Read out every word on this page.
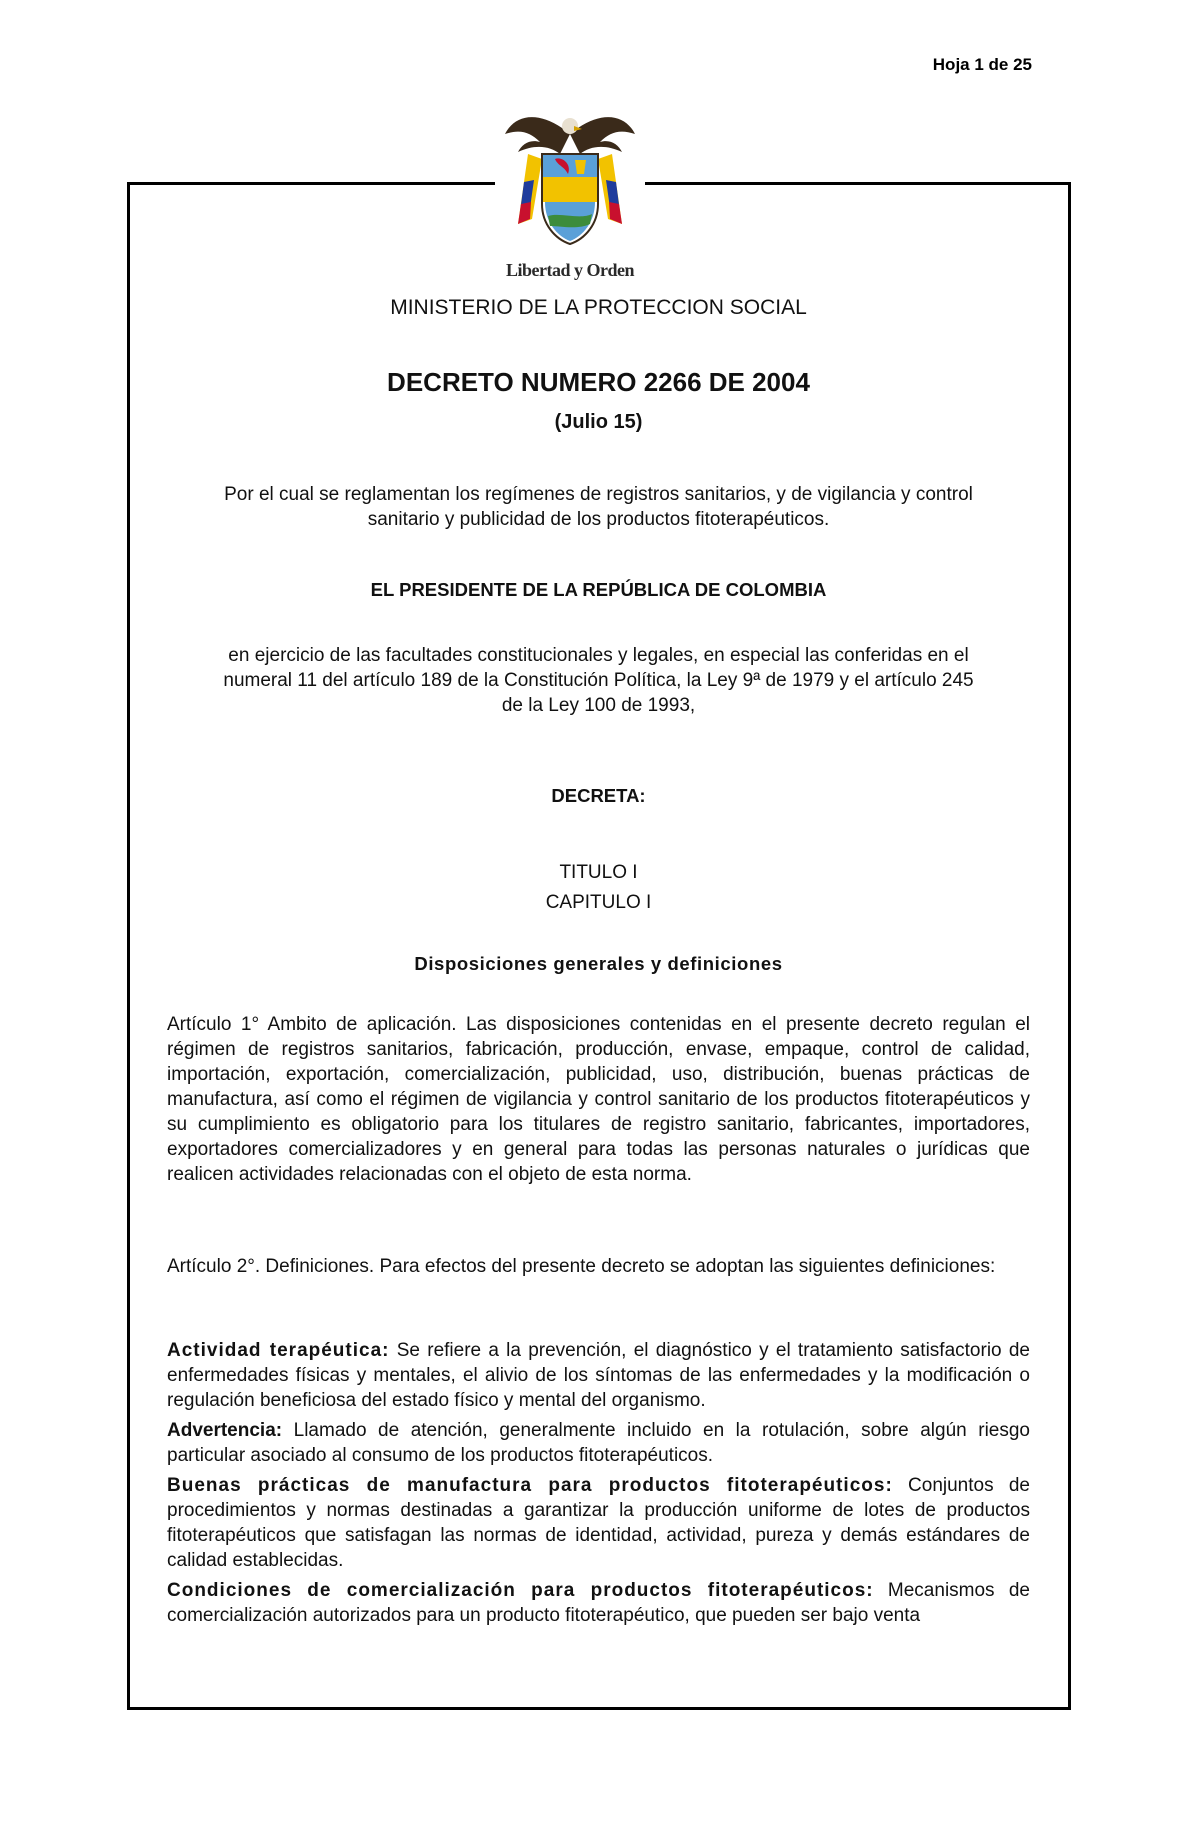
Hoja 1 de 25
Libertad y Orden

MINISTERIO DE LA PROTECCION SOCIAL

DECRETO NUMERO 2266 DE 2004

(Julio 15)

Por el cual se reglamentan los regímenes de registros sanitarios, y de vigilancia y control

sanitario y publicidad de los productos fitoterapéuticos.

EL PRESIDENTE DE LA REPÚBLICA DE COLOMBIA

en ejercicio de las facultades constitucionales y legales, en especial las conferidas en el

numeral 11 del artículo 189 de la Constitución Política, la Ley 9ª de 1979 y el artículo 245

de la Ley 100 de 1993,

DECRETA:

TITULO I

CAPITULO I

Disposiciones generales y definiciones

Artículo 1° Ambito de aplicación. Las disposiciones contenidas en el presente decreto regulan el régimen de registros sanitarios, fabricación, producción, envase, empaque, control de calidad, importación, exportación, comercialización, publicidad, uso, distribución, buenas prácticas de manufactura, así como el régimen de vigilancia y control sanitario de los productos fitoterapéuticos y su cumplimiento es obligatorio para los titulares de registro sanitario, fabricantes, importadores, exportadores comercializadores y en general para todas las personas naturales o jurídicas que realicen actividades relacionadas con el objeto de esta norma.

Artículo 2°. Definiciones. Para efectos del presente decreto se adoptan las siguientes definiciones:

Actividad terapéutica: Se refiere a la prevención, el diagnóstico y el tratamiento satisfactorio de enfermedades físicas y mentales, el alivio de los síntomas de las enfermedades y la modificación o regulación beneficiosa del estado físico y mental del organismo.

Advertencia: Llamado de atención, generalmente incluido en la rotulación, sobre algún riesgo particular asociado al consumo de los productos fitoterapéuticos.

Buenas prácticas de manufactura para productos fitoterapéuticos: Conjuntos de procedimientos y normas destinadas a garantizar la producción uniforme de lotes de productos fitoterapéuticos que satisfagan las normas de identidad, actividad, pureza y demás estándares de calidad establecidas.

Condiciones de comercialización para productos fitoterapéuticos: Mecanismos de comercialización autorizados para un producto fitoterapéutico, que pueden ser bajo venta
